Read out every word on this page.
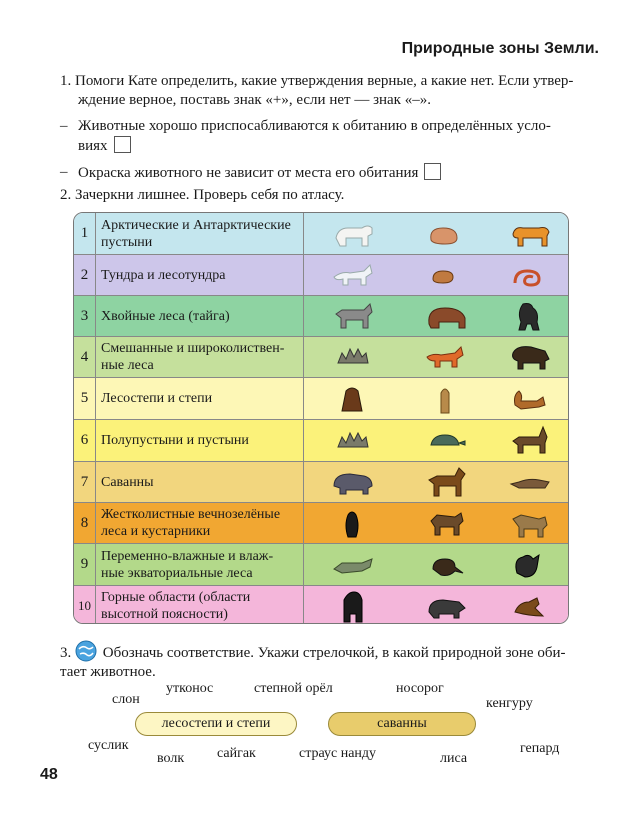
Природные зоны Земли.
1. Помоги Кате определить, какие утверждения верные, а какие нет. Если утвер-
ждение верное, поставь знак «+», если нет — знак «–».
– Животные хорошо приспосабливаются к обитанию в определённых усло-
виях
– Окраска животного не зависит от места его обитания
2. Зачеркни лишнее. Проверь себя по атласу.
1 Арктические и Антарктические
пустыни
2 Тундра и лесотундра
3 Хвойные леса (тайга)
4 Смешанные и широколиствен-
ные леса
5 Лесостепи и степи
6 Полупустыни и пустыни
7 Саванны
8 Жестколистные вечнозелёные
леса и кустарники
9 Переменно-влажные и влаж-
ные экваториальные леса
10
Горные области (области
высотной поясности)
3. Обозначь соответствие. Укажи стрелочкой, в какой природной зоне оби-
тает животное.
слон
утконос	степной орёл	носорог
кенгуру
суслик
волк сайгак	страус нанду	лиса
гепард
лесостепи и степи	саванны
48
